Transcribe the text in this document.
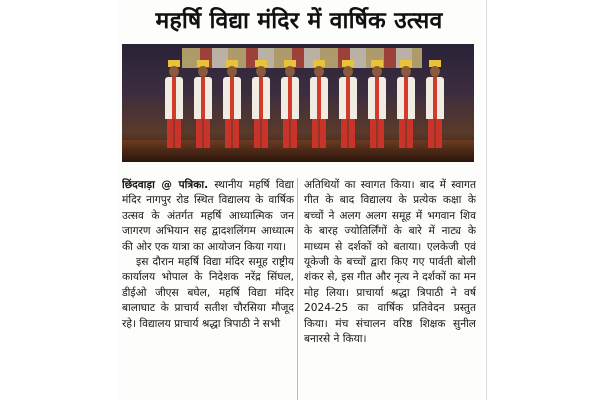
महर्षि विद्या मंदिर में वार्षिक उत्सव

छिंदवाड़ा @ पत्रिका. स्थानीय महर्षि विद्या मंदिर नागपुर रोड स्थित विद्यालय के वार्षिक उत्सव के अंतर्गत महर्षि आध्यात्मिक जन जागरण अभियान सह द्वादशलिंगम आध्यात्म की ओर एक यात्रा का आयोजन किया गया।

इस दौरान महर्षि विद्या मंदिर समूह राष्ट्रीय कार्यालय भोपाल के निदेशक नरेंद्र सिंघल, डीईओ जीएस बघेल, महर्षि विद्या मंदिर बालाघाट के प्राचार्य सतीश चौरसिया मौजूद रहे। विद्यालय प्राचार्य श्रद्धा त्रिपाठी ने सभी

अतिथियों का स्वागत किया। बाद में स्वागत गीत के बाद विद्यालय के प्रत्येक कक्षा के बच्चों ने अलग अलग समूह में भगवान शिव के बारह ज्योतिर्लिंगों के बारे में नाट्य के माध्यम से दर्शकों को बताया। एलकेजी एवं यूकेजी के बच्चों द्वारा किए गए पार्वती बोली शंकर से, इस गीत और नृत्य ने दर्शकों का मन मोह लिया। प्राचार्या श्रद्धा त्रिपाठी ने वर्ष 2024-25 का वार्षिक प्रतिवेदन प्रस्तुत किया। मंच संचालन वरिष्ठ शिक्षक सुनील बनारसे ने किया।
